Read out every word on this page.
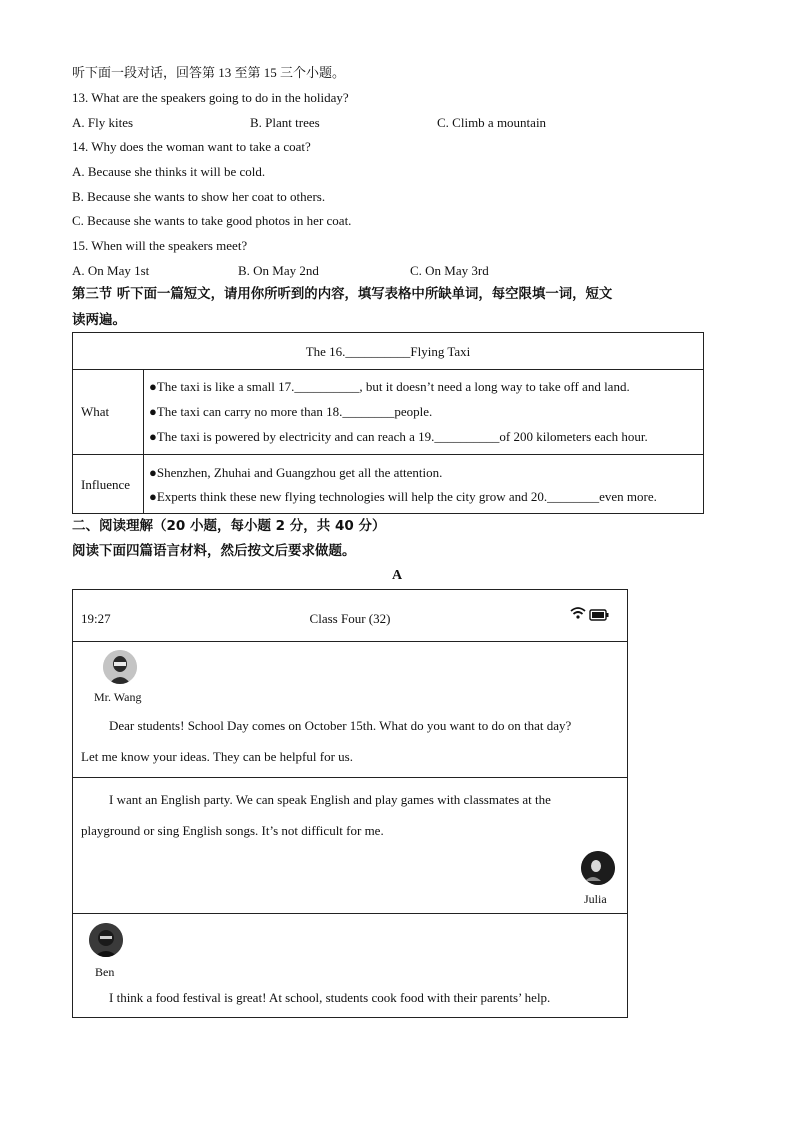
听下面一段对话，回答第 13 至第 15 三个小题。
13. What are the speakers going to do in the holiday?
A. Fly kites	B. Plant trees	C. Climb a mountain
14. Why does the woman want to take a coat?
A. Because she thinks it will be cold.
B. Because she wants to show her coat to others.
C. Because she wants to take good photos in her coat.
15. When will the speakers meet?
A. On May 1st	B. On May 2nd	C. On May 3rd
第三节 听下面一篇短文，请用你所听到的内容，填写表格中所缺单词，每空限填一词，短文
读两遍。
The 16.__________Flying Taxi
What
●The taxi is like a small 17.__________, but it doesn’t need a long way to take off and land.
●The taxi can carry no more than 18.________people.
●The taxi is powered by electricity and can reach a 19.__________of 200 kilometers each hour.
Influence
●Shenzhen, Zhuhai and Guangzhou get all the attention.
●Experts think these new flying technologies will help the city grow and 20.________even more.
二、阅读理解（20 小题，每小题 2 分，共 40 分）
阅读下面四篇语言材料，然后按文后要求做题。
A
19:27	Class Four (32)
Mr. Wang
Dear students! School Day comes on October 15th. What do you want to do on that day?
Let me know your ideas. They can be helpful for us.
I want an English party. We can speak English and play games with classmates at the
playground or sing English songs. It’s not difficult for me.
Julia
Ben
I think a food festival is great! At school, students cook food with their parents’ help.
